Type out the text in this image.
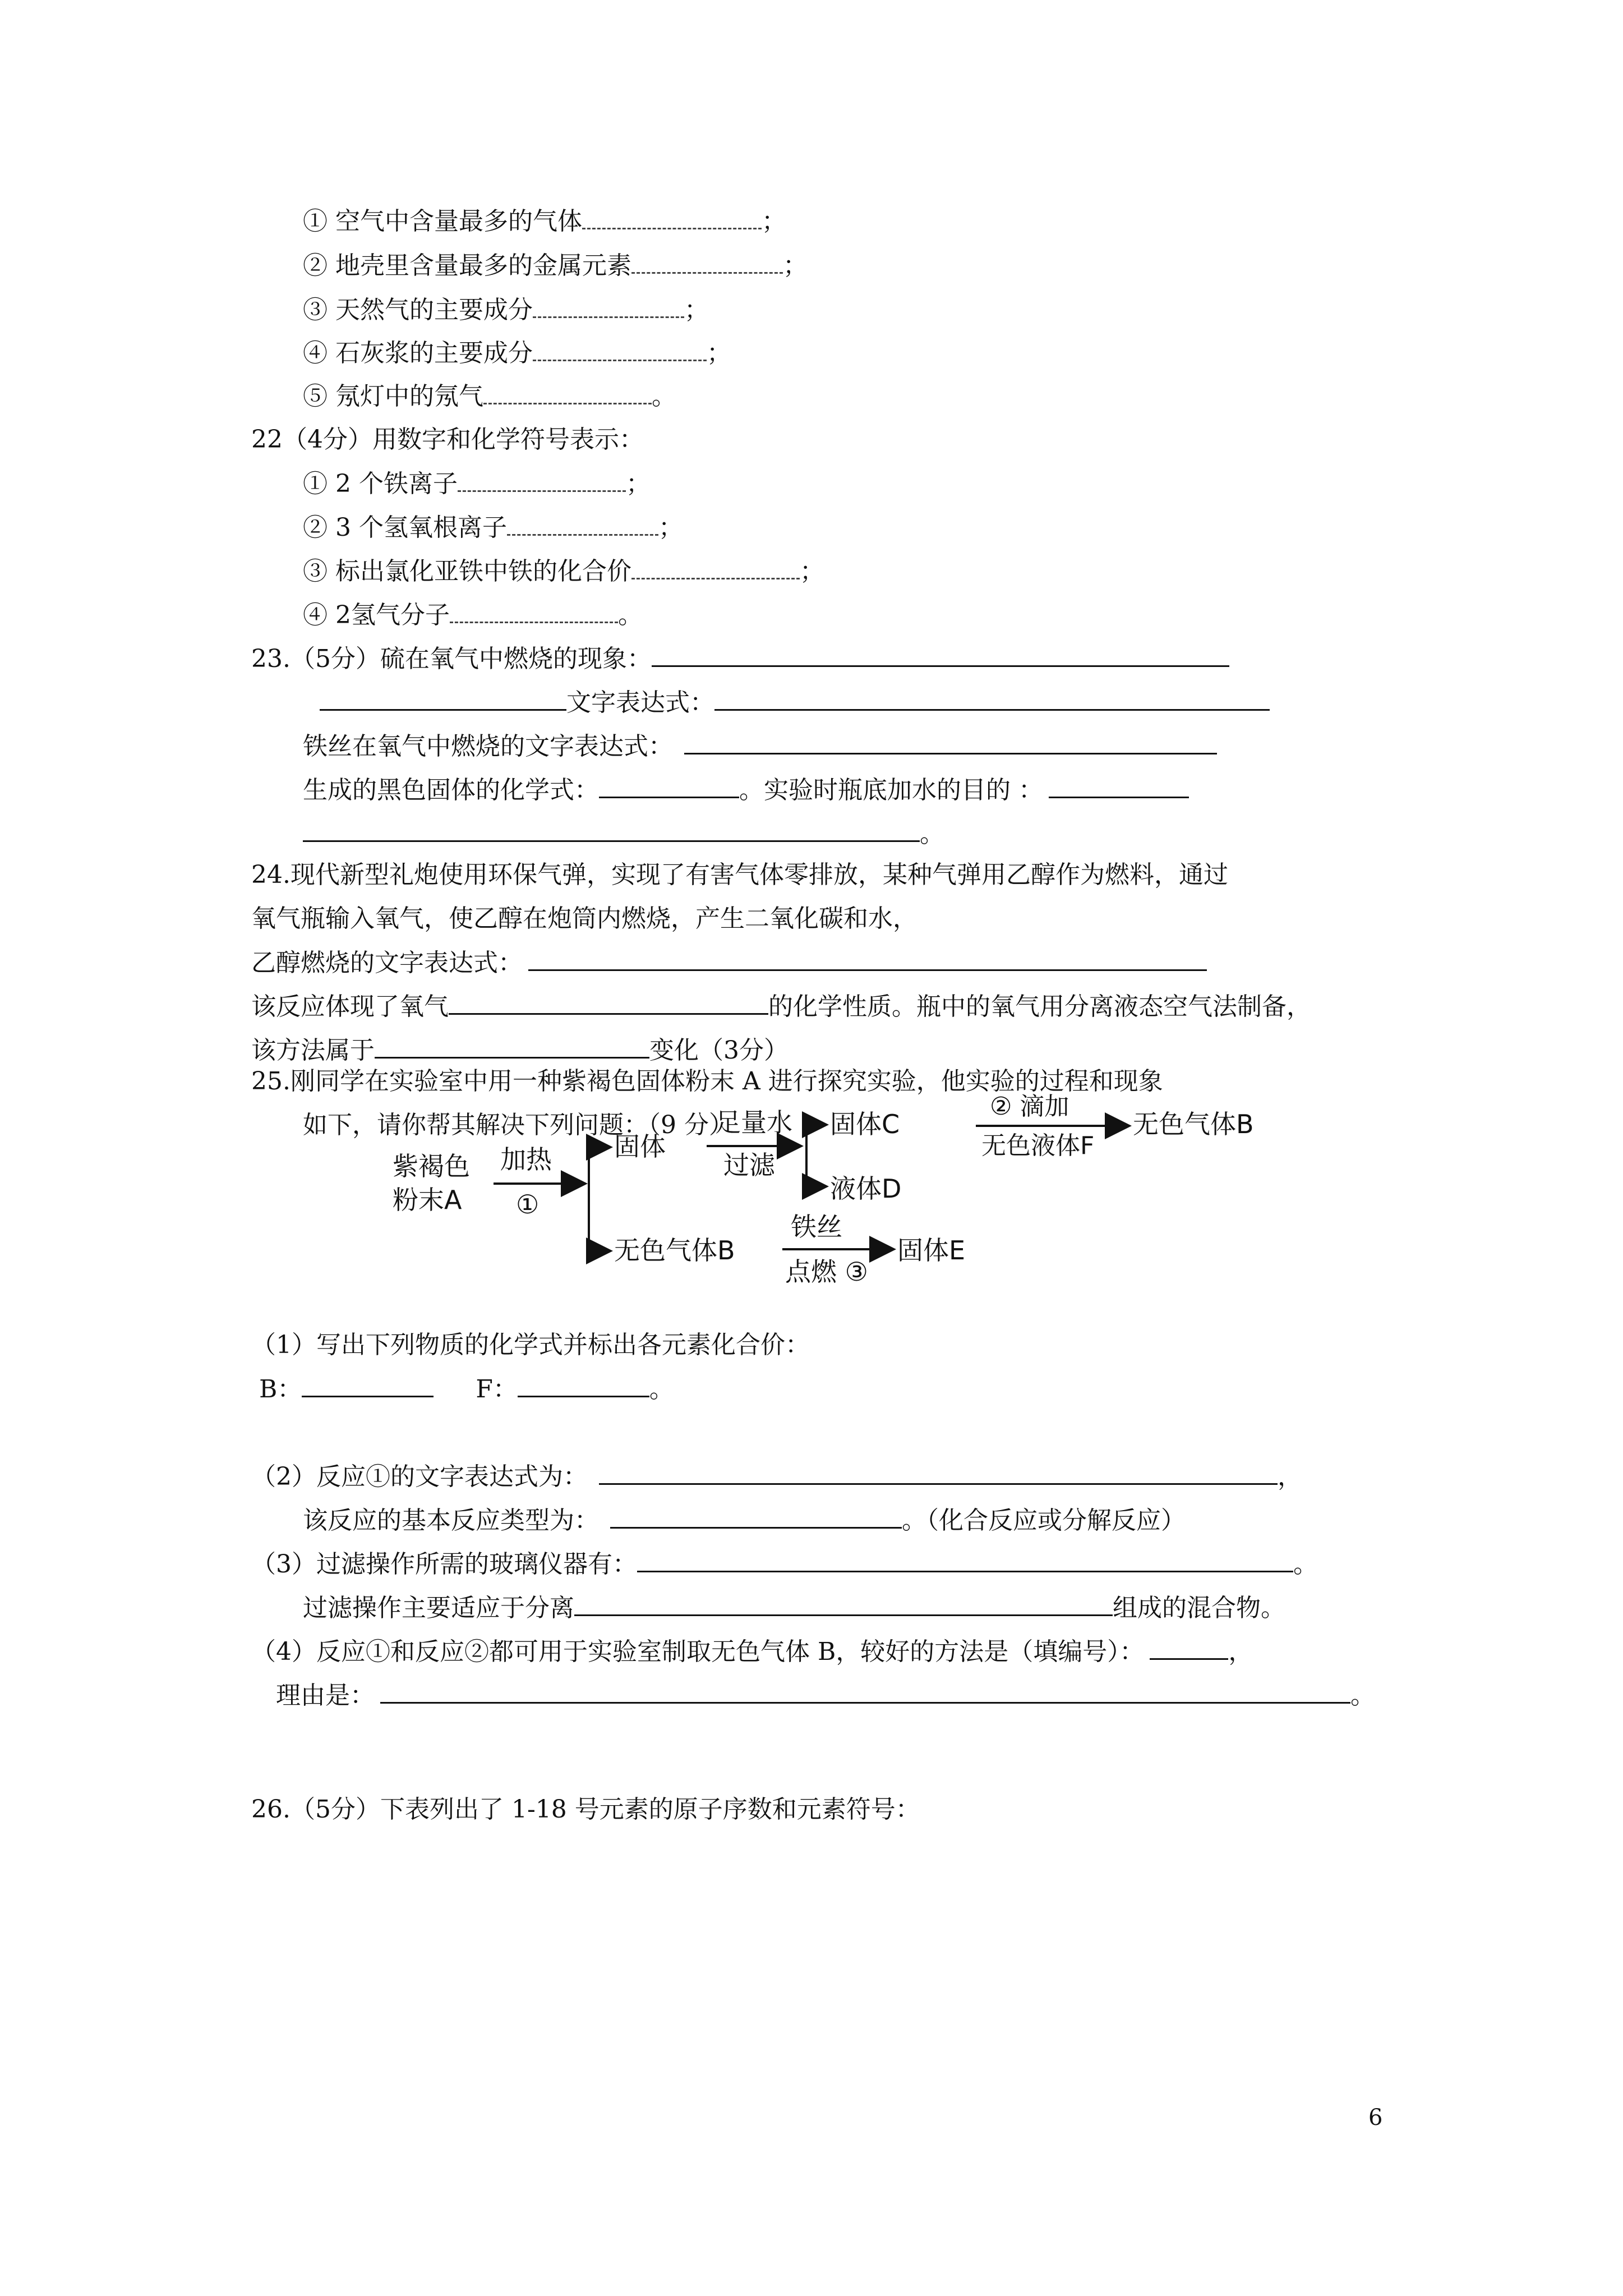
① 空气中含量最多的气体	；
② 地壳里含量最多的金属元素	；
③ 天然气的主要成分	；
④ 石灰浆的主要成分	；
⑤ 氖灯中的氖气	。
22（4分）用数字和化学符号表示：
① 2 个铁离子	；
② 3 个氢氧根离子	；
③ 标出氯化亚铁中铁的化合价	；
④ 2氢气分子	。
23.（5分）硫在氧气中燃烧的现象：
文字表达式：
铁丝在氧气中燃烧的文字表达式：
生成的黑色固体的化学式：	。实验时瓶底加水的目的 ：
。
24.现代新型礼炮使用环保气弹，实现了有害气体零排放，某种气弹用乙醇作为燃料，通过
氧气瓶输入氧气，使乙醇在炮筒内燃烧，产生二氧化碳和水，
乙醇燃烧的文字表达式：
该反应体现了氧气	的化学性质。瓶中的氧气用分离液态空气法制备，
该方法属于	变化（3分）
25.刚同学在实验室中用一种紫褐色固体粉末 A 进行探究实验，他实验的过程和现象
如下，请你帮其解决下列问题：（9 分）
紫褐色
粉末A
加热
①
固体
足量水
过滤
固体C
② 滴加
无色液体F
无色气体B
液体D
无色气体B
铁丝
点燃 ③
固体E
（1）写出下列物质的化学式并标出各元素化合价：
B：	F：	。
（2）反应①的文字表达式为：	，
该反应的基本反应类型为：	。（化合反应或分解反应）
（3）过滤操作所需的玻璃仪器有：	。
过滤操作主要适应于分离	组成的混合物。
（4）反应①和反应②都可用于实验室制取无色气体 B，较好的方法是（填编号）：	，
理由是：	。
26.（5分）下表列出了 1-18 号元素的原子序数和元素符号：
6
